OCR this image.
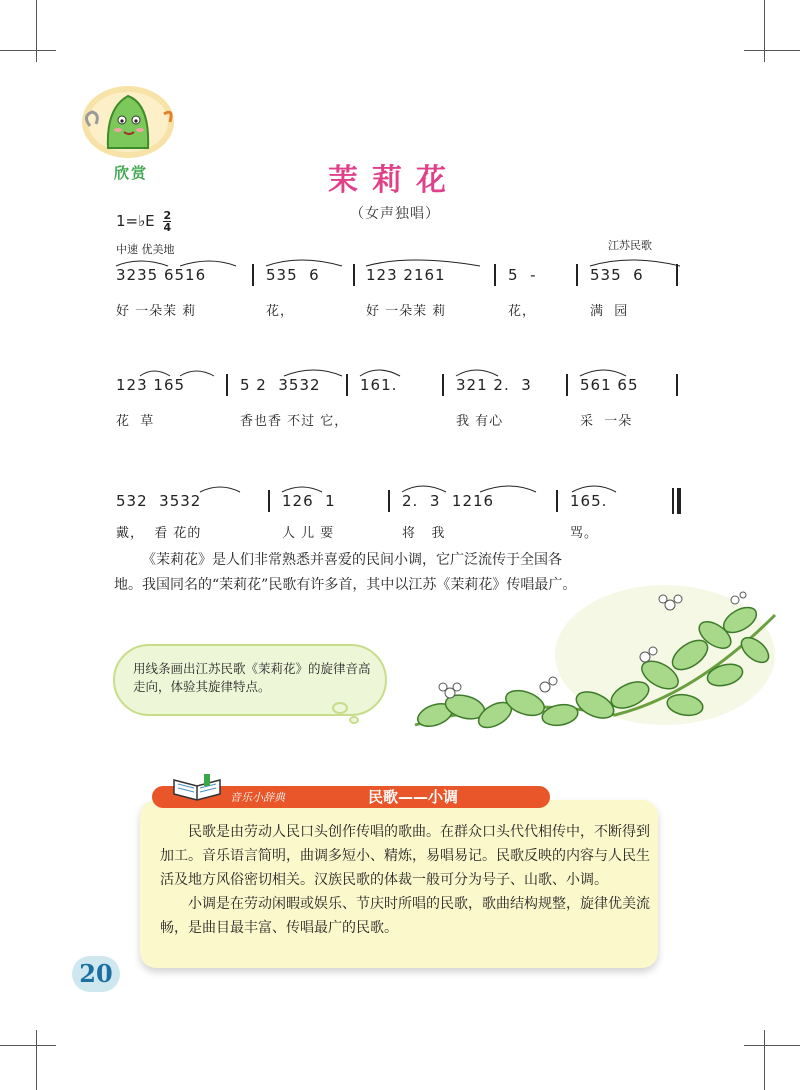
欣赏	茉莉花
（女声独唱）
1=♭E $\frac{2}{4}$
中速 优美地	江苏民歌
3235 6516	535  6	123 2161	5  -	535  6
好 一朵茉 莉	花，	好 一朵茉 莉	花，	满  园
123 165	5 2  3532	161.	321 2.  3	561 65
花  草	香也香 不过 它，	我 有心	采  一朵
532  3532	126  1	2.  3  1216	165.
戴，  看 花的	人 儿 要	将   我	骂。
《茉莉花》是人们非常熟悉并喜爱的民间小调，它广泛流传于全国各地。我国同名的“茉莉花”民歌有许多首，其中以江苏《茉莉花》传唱最广。
用线条画出江苏民歌《茉莉花》的旋律音高走向，体验其旋律特点。
音乐小辞典	民歌——小调
民歌是由劳动人民口头创作传唱的歌曲。在群众口头代代相传中，不断得到加工。音乐语言简明，曲调多短小、精炼，易唱易记。民歌反映的内容与人民生活及地方风俗密切相关。汉族民歌的体裁一般可分为号子、山歌、小调。
小调是在劳动闲暇或娱乐、节庆时所唱的民歌，歌曲结构规整，旋律优美流畅，是曲目最丰富、传唱最广的民歌。
20
